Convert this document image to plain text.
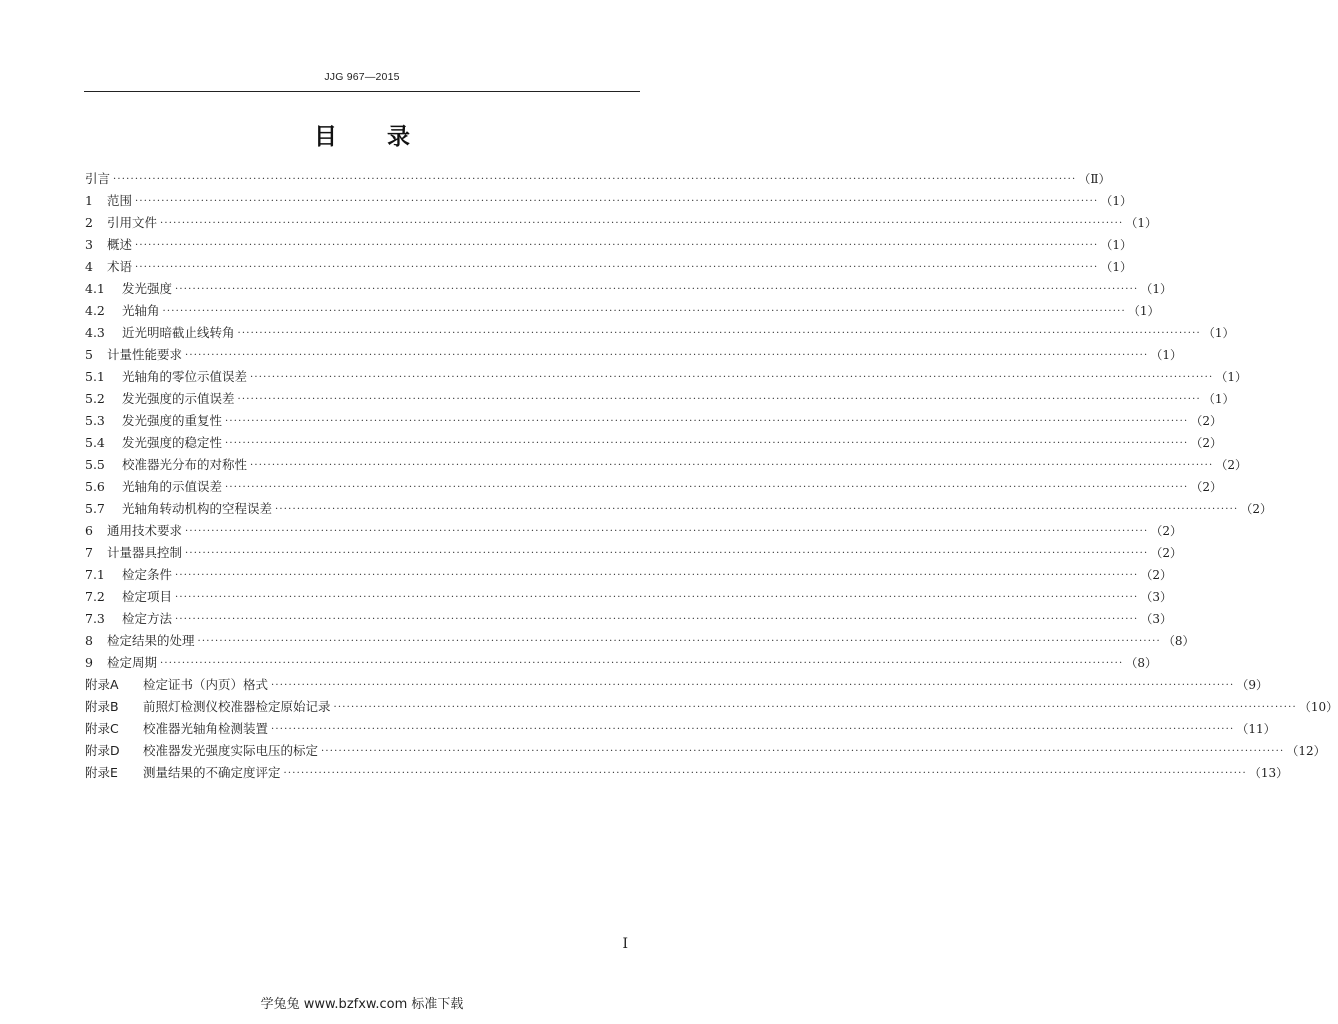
JJG 967—2015
目 录
引言 ···························································································································································································································· （Ⅱ）
1	范围 ···························································································································································································································· （1）
2	引用文件 ···························································································································································································································· （1）
3	概述 ···························································································································································································································· （1）
4	术语 ···························································································································································································································· （1）
4.1	发光强度 ···························································································································································································································· （1）
4.2	光轴角 ···························································································································································································································· （1）
4.3	近光明暗截止线转角 ···························································································································································································································· （1）
5	计量性能要求 ···························································································································································································································· （1）
5.1	光轴角的零位示值误差 ···························································································································································································································· （1）
5.2	发光强度的示值误差 ···························································································································································································································· （1）
5.3	发光强度的重复性 ···························································································································································································································· （2）
5.4	发光强度的稳定性 ···························································································································································································································· （2）
5.5	校准器光分布的对称性 ···························································································································································································································· （2）
5.6	光轴角的示值误差 ···························································································································································································································· （2）
5.7	光轴角转动机构的空程误差 ···························································································································································································································· （2）
6	通用技术要求 ···························································································································································································································· （2）
7	计量器具控制 ···························································································································································································································· （2）
7.1	检定条件 ···························································································································································································································· （2）
7.2	检定项目 ···························································································································································································································· （3）
7.3	检定方法 ···························································································································································································································· （3）
8	检定结果的处理 ···························································································································································································································· （8）
9	检定周期 ···························································································································································································································· （8）
附录A	检定证书（内页）格式 ···························································································································································································································· （9）
附录B	前照灯检测仪校准器检定原始记录 ···························································································································································································································· （10）
附录C	校准器光轴角检测装置 ···························································································································································································································· （11）
附录D	校准器发光强度实际电压的标定 ···························································································································································································································· （12）
附录E	测量结果的不确定度评定 ···························································································································································································································· （13）
I
学兔兔 www.bzfxw.com 标准下载
